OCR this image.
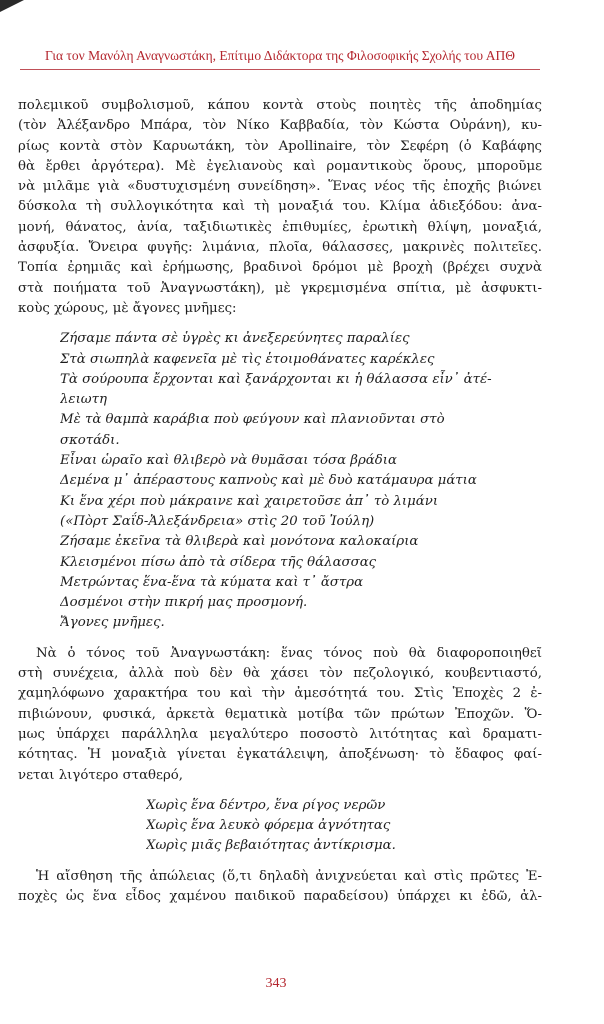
Για τον Μανόλη Αναγνωστάκη, Επίτιμο Διδάκτορα της Φιλοσοφικής Σχολής του ΑΠΘ
πολεμικοῦ συμβολισμοῦ, κάπου κοντὰ στοὺς ποιητὲς τῆς ἀποδημίας
(τὸν Ἀλέξανδρο Μπάρα, τὸν Νίκο Καββαδία, τὸν Κώστα Οὐράνη), κυ-
ρίως κοντὰ στὸν Καρυωτάκη, τὸν Apollinaire, τὸν Σεφέρη (ὁ Καβάφης
θὰ ἔρθει ἀργότερα). Μὲ ἐγελιανοὺς καὶ ρομαντικοὺς ὅρους, μποροῦμε
νὰ μιλᾶμε γιὰ «δυστυχισμένη συνείδηση». Ἕνας νέος τῆς ἐποχῆς βιώνει
δύσκολα τὴ συλλογικότητα καὶ τὴ μοναξιά του. Κλίμα ἀδιεξόδου: ἀνα-
μονή, θάνατος, ἀνία, ταξιδιωτικὲς ἐπιθυμίες, ἐρωτικὴ θλίψη, μοναξιά,
ἀσφυξία. Ὄνειρα φυγῆς: λιμάνια, πλοῖα, θάλασσες, μακρινὲς πολιτεῖες.
Τοπία ἐρημιᾶς καὶ ἐρήμωσης, βραδινοὶ δρόμοι μὲ βροχὴ (βρέχει συχνὰ
στὰ ποιήματα τοῦ Ἀναγνωστάκη), μὲ γκρεμισμένα σπίτια, μὲ ἀσφυκτι-
κοὺς χώρους, μὲ ἄγονες μνῆμες:
Ζήσαμε πάντα σὲ ὑγρὲς κι ἀνεξερεύνητες παραλίες
Στὰ σιωπηλὰ καφενεῖα μὲ τὶς ἑτοιμοθάνατες καρέκλες
Τὰ σούρουπα ἔρχονται καὶ ξανάρχονται κι ἡ θάλασσα εἶν᾽ ἀτέ-
λειωτη
Μὲ τὰ θαμπὰ καράβια ποὺ φεύγουν καὶ πλανιοῦνται στὸ
σκοτάδι.
Εἶναι ὡραῖο καὶ θλιβερὸ νὰ θυμᾶσαι τόσα βράδια
Δεμένα μ᾽ ἀπέραστους καπνοὺς καὶ μὲ δυὸ κατάμαυρα μάτια
Κι ἕνα χέρι ποὺ μάκραινε καὶ χαιρετοῦσε ἀπ᾽ τὸ λιμάνι
(«Πὸρτ Σαΐδ-Ἀλεξάνδρεια» στὶς 20 τοῦ Ἰούλη)
Ζήσαμε ἐκεῖνα τὰ θλιβερὰ καὶ μονότονα καλοκαίρια
Κλεισμένοι πίσω ἀπὸ τὰ σίδερα τῆς θάλασσας
Μετρώντας ἕνα-ἕνα τὰ κύματα καὶ τ᾽ ἄστρα
Δοσμένοι στὴν πικρή μας προσμονή.
Ἄγονες μνῆμες.
Νὰ ὁ τόνος τοῦ Ἀναγνωστάκη: ἕνας τόνος ποὺ θὰ διαφοροποιηθεῖ
στὴ συνέχεια, ἀλλὰ ποὺ δὲν θὰ χάσει τὸν πεζολογικό, κουβεντιαστό,
χαμηλόφωνο χαρακτήρα του καὶ τὴν ἀμεσότητά του. Στὶς Ἐποχὲς 2 ἐ-
πιβιώνουν, φυσικά, ἀρκετὰ θεματικὰ μοτίβα τῶν πρώτων Ἐποχῶν. Ὅ-
μως ὑπάρχει παράλληλα μεγαλύτερο ποσοστὸ λιτότητας καὶ δραματι-
κότητας. Ἡ μοναξιὰ γίνεται ἐγκατάλειψη, ἀποξένωση· τὸ ἔδαφος φαί-
νεται λιγότερο σταθερό,
Χωρὶς ἕνα δέντρο, ἕνα ρίγος νερῶν
Χωρὶς ἕνα λευκὸ φόρεμα ἀγνότητας
Χωρὶς μιᾶς βεβαιότητας ἀντίκρισμα.
Ἡ αἴσθηση τῆς ἀπώλειας (ὅ,τι δηλαδὴ ἀνιχνεύεται καὶ στὶς πρῶτες Ἐ-
ποχὲς ὡς ἕνα εἶδος χαμένου παιδικοῦ παραδείσου) ὑπάρχει κι ἐδῶ, ἀλ-
343
